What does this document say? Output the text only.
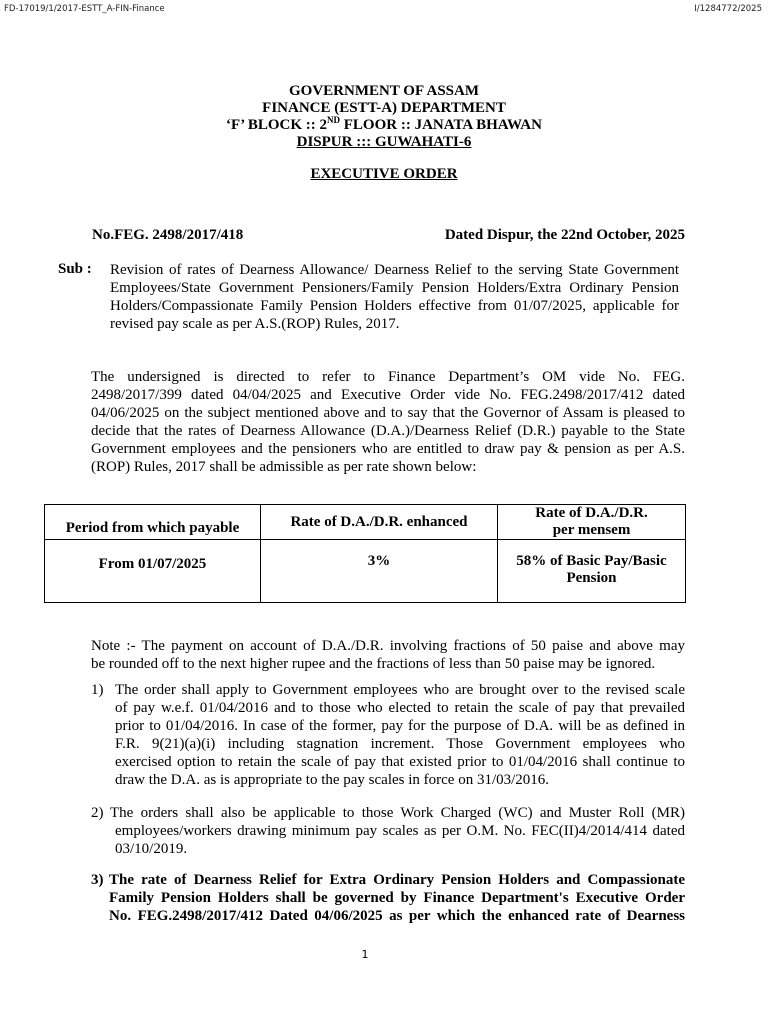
FD-17019/1/2017-ESTT_A-FIN-Finance	I/1284772/2025
GOVERNMENT OF ASSAM
FINANCE (ESTT-A) DEPARTMENT
‘F’ BLOCK :: 2ND FLOOR :: JANATA BHAWAN
DISPUR ::: GUWAHATI-6
EXECUTIVE ORDER
No.FEG. 2498/2017/418	Dated Dispur, the 22nd October, 2025
Sub : Revision of rates of Dearness Allowance/ Dearness Relief to the serving State Government
Employees/State Government Pensioners/Family Pension Holders/Extra Ordinary Pension
Holders/Compassionate Family Pension Holders effective from 01/07/2025, applicable for
revised pay scale as per A.S.(ROP) Rules, 2017.
The undersigned is directed to refer to Finance Department’s OM vide No. FEG.
2498/2017/399 dated 04/04/2025 and Executive Order vide No. FEG.2498/2017/412 dated
04/06/2025 on the subject mentioned above and to say that the Governor of Assam is pleased to
decide that the rates of Dearness Allowance (D.A.)/Dearness Relief (D.R.) payable to the State
Government employees and the pensioners who are entitled to draw pay & pension as per A.S.
(ROP) Rules, 2017 shall be admissible as per rate shown below:
Period from which payable	Rate of D.A./D.R. enhanced	Rate of D.A./D.R.
per mensem

From 01/07/2025	3%	58% of Basic Pay/Basic
Pension
Note :- The payment on account of D.A./D.R. involving fractions of 50 paise and above may
be rounded off to the next higher rupee and the fractions of less than 50 paise may be ignored.
1) The order shall apply to Government employees who are brought over to the revised scale
of pay w.e.f. 01/04/2016 and to those who elected to retain the scale of pay that prevailed
prior to 01/04/2016. In case of the former, pay for the purpose of D.A. will be as defined in
F.R. 9(21)(a)(i) including stagnation increment. Those Government employees who
exercised option to retain the scale of pay that existed prior to 01/04/2016 shall continue to
draw the D.A. as is appropriate to the pay scales in force on 31/03/2016.
2) The orders shall also be applicable to those Work Charged (WC) and Muster Roll (MR)
employees/workers drawing minimum pay scales as per O.M. No. FEC(II)4/2014/414 dated
03/10/2019.
3) The rate of Dearness Relief for Extra Ordinary Pension Holders and Compassionate
Family Pension Holders shall be governed by Finance Department's Executive Order
No. FEG.2498/2017/412 Dated 04/06/2025 as per which the enhanced rate of Dearness
1
